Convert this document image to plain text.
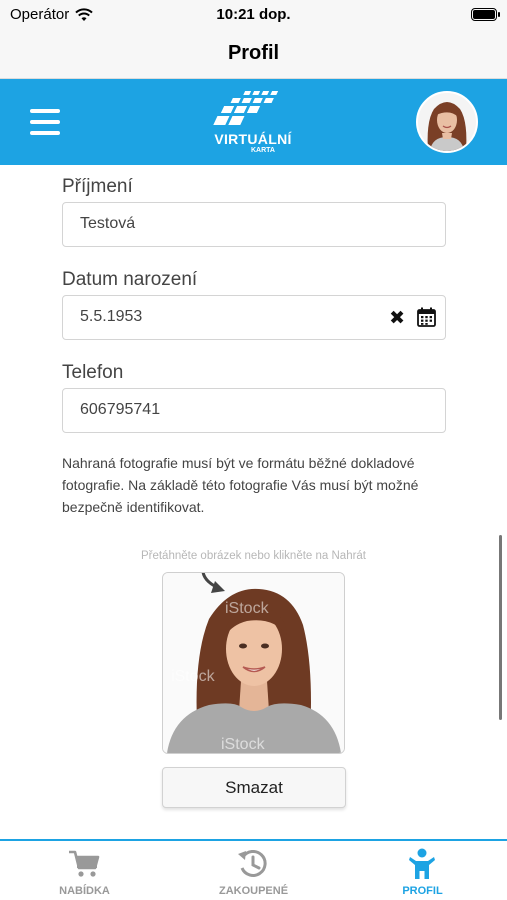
Operátor	10:21 dop.
Profil
VIRTUÁLNÍ
KARTA
Příjmení
Testová
Datum narození
5.5.1953	✖
Telefon
606795741
Nahraná fotografie musí být ve formátu běžné dokladové fotografie. Na základě této fotografie Vás musí být možné bezpečně identifikovat.
Přetáhněte obrázek nebo klikněte na Nahrát
iStock
iStock
iStock
Smazat
NABÍDKA	ZAKOUPENÉ	PROFIL
